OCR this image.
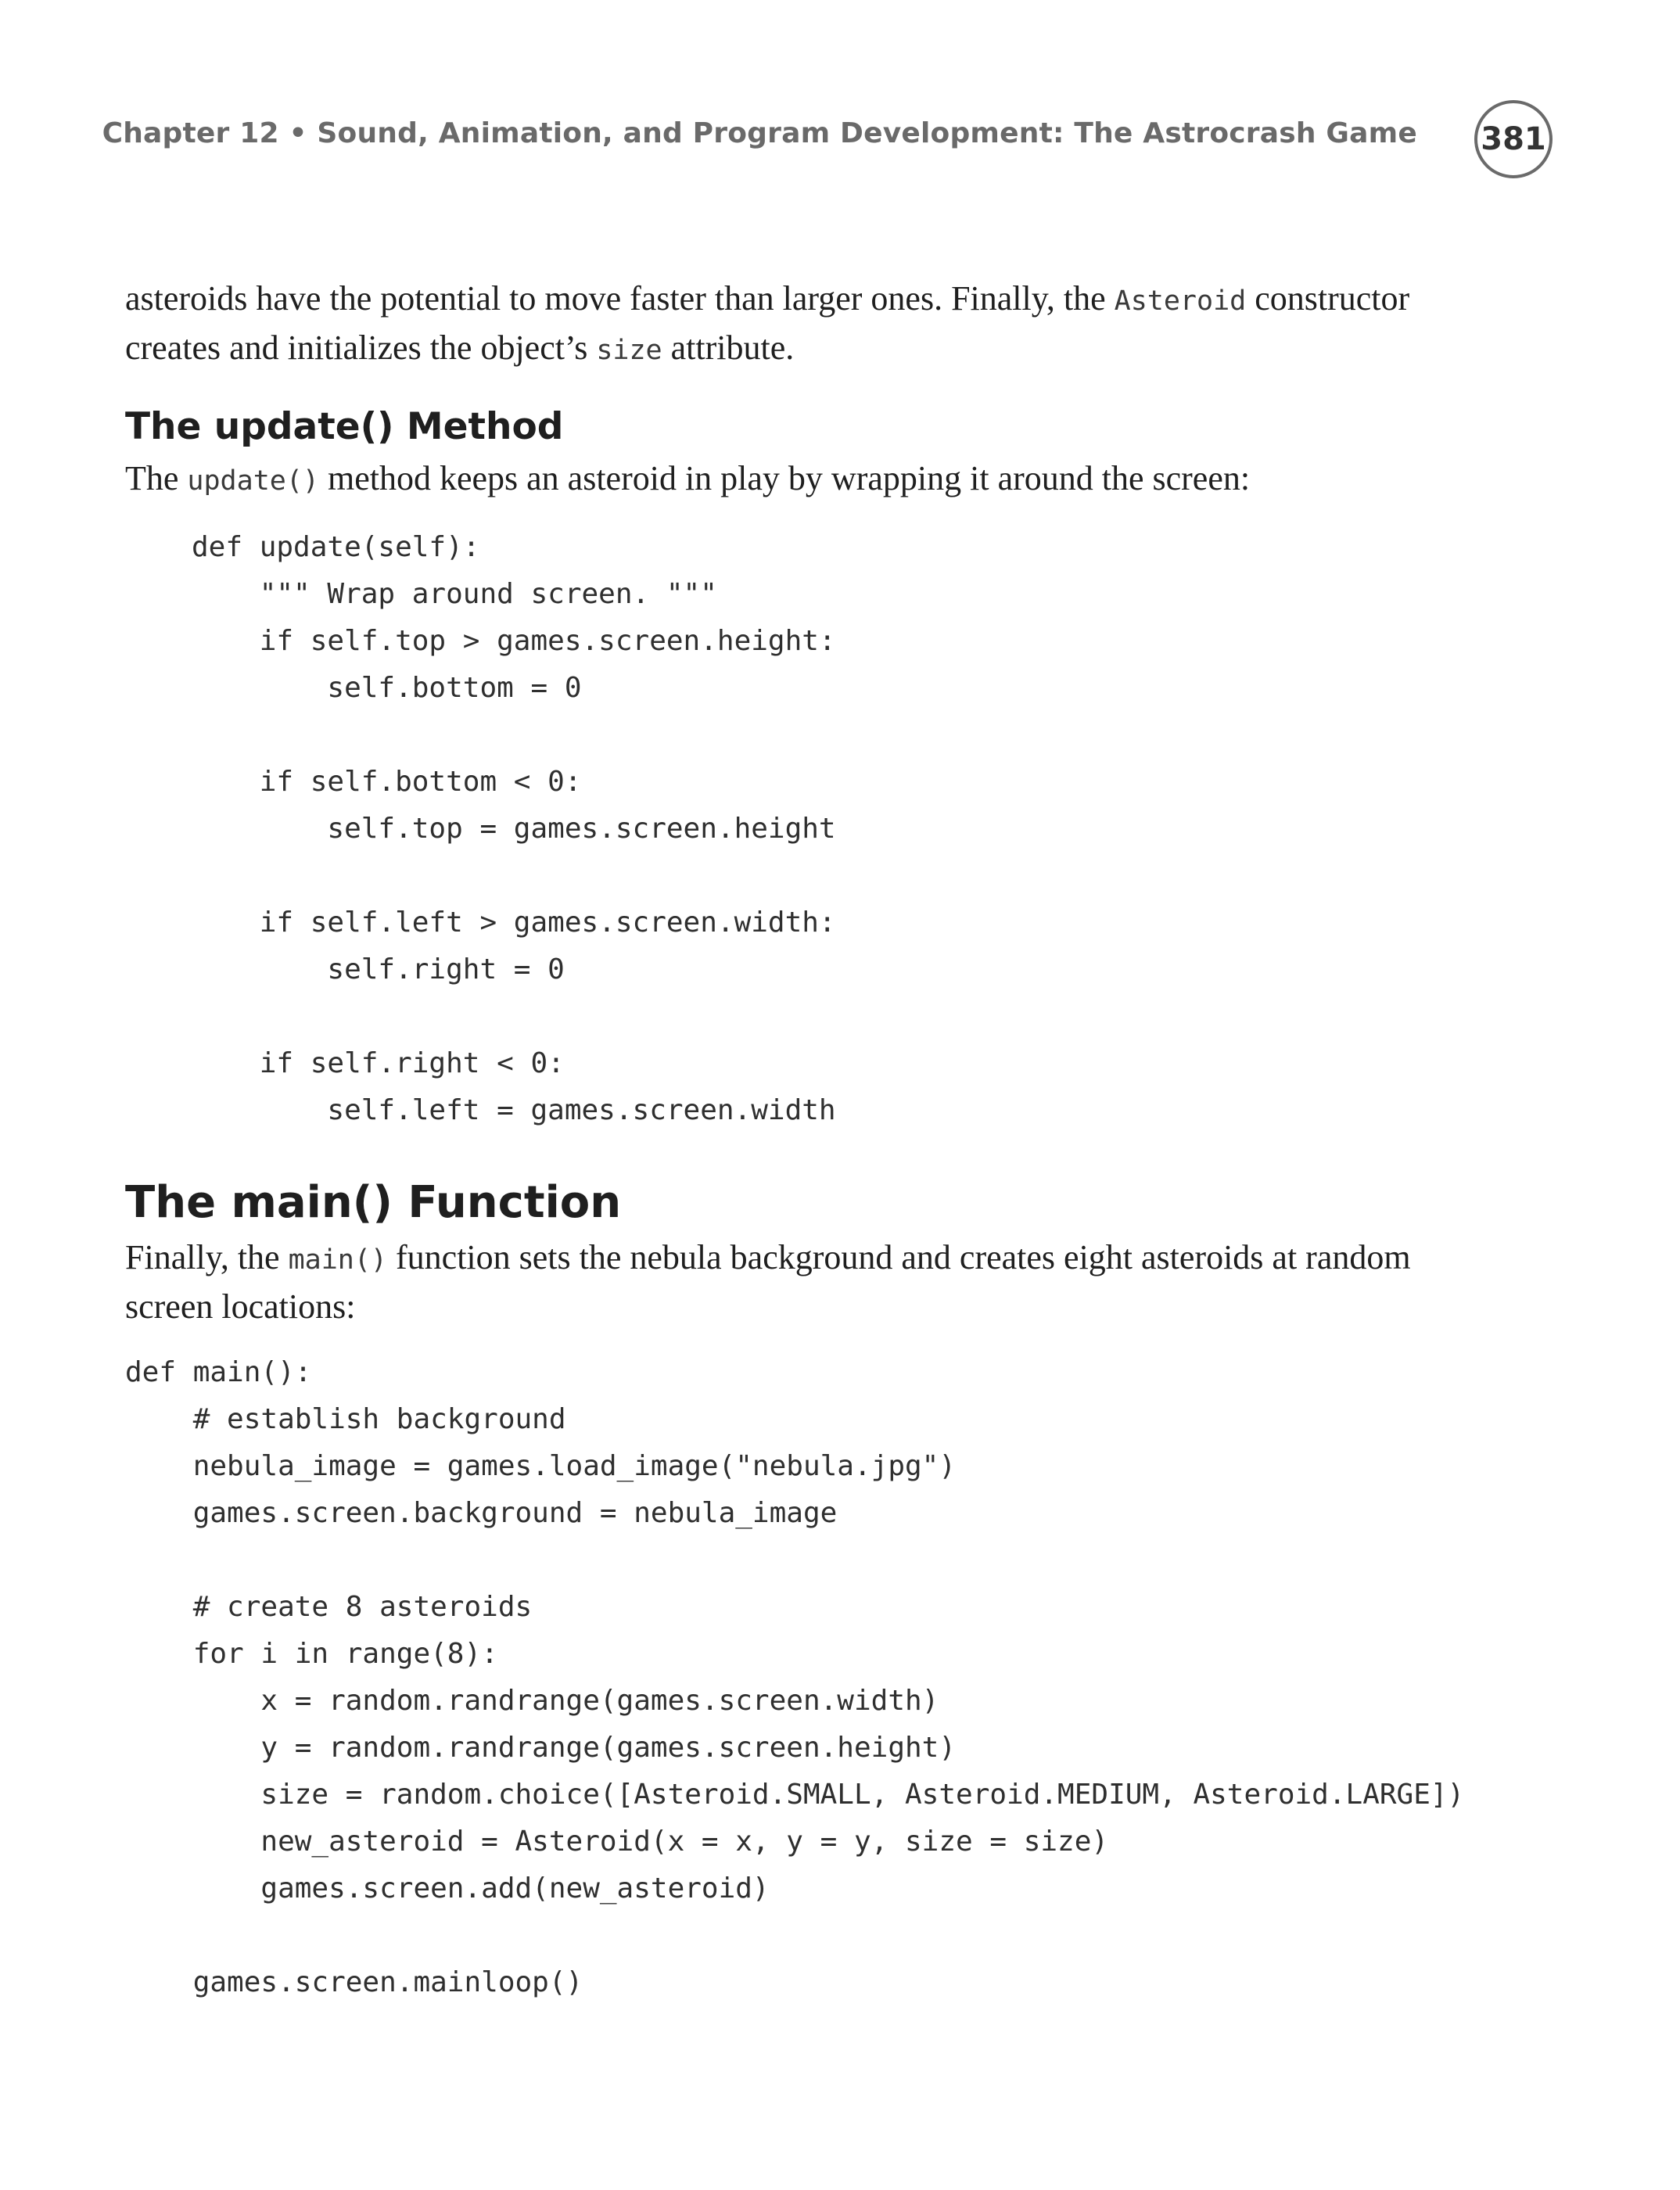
Chapter 12 • Sound, Animation, and Program Development: The Astrocrash Game 381
asteroids have the potential to move faster than larger ones. Finally, the Asteroid constructor
creates and initializes the object’s size attribute.
The update() Method
The update() method keeps an asteroid in play by wrapping it around the screen:
def update(self):
""" Wrap around screen. """
if self.top > games.screen.height:
self.bottom = 0

if self.bottom < 0:
self.top = games.screen.height

if self.left > games.screen.width:
self.right = 0

if self.right < 0:
self.left = games.screen.width
The main() Function
Finally, the main() function sets the nebula background and creates eight asteroids at random
screen locations:
def main():
# establish background
nebula_image = games.load_image("nebula.jpg")
games.screen.background = nebula_image

# create 8 asteroids
for i in range(8):
x = random.randrange(games.screen.width)
y = random.randrange(games.screen.height)
size = random.choice([Asteroid.SMALL, Asteroid.MEDIUM, Asteroid.LARGE])
new_asteroid = Asteroid(x = x, y = y, size = size)
games.screen.add(new_asteroid)

games.screen.mainloop()
